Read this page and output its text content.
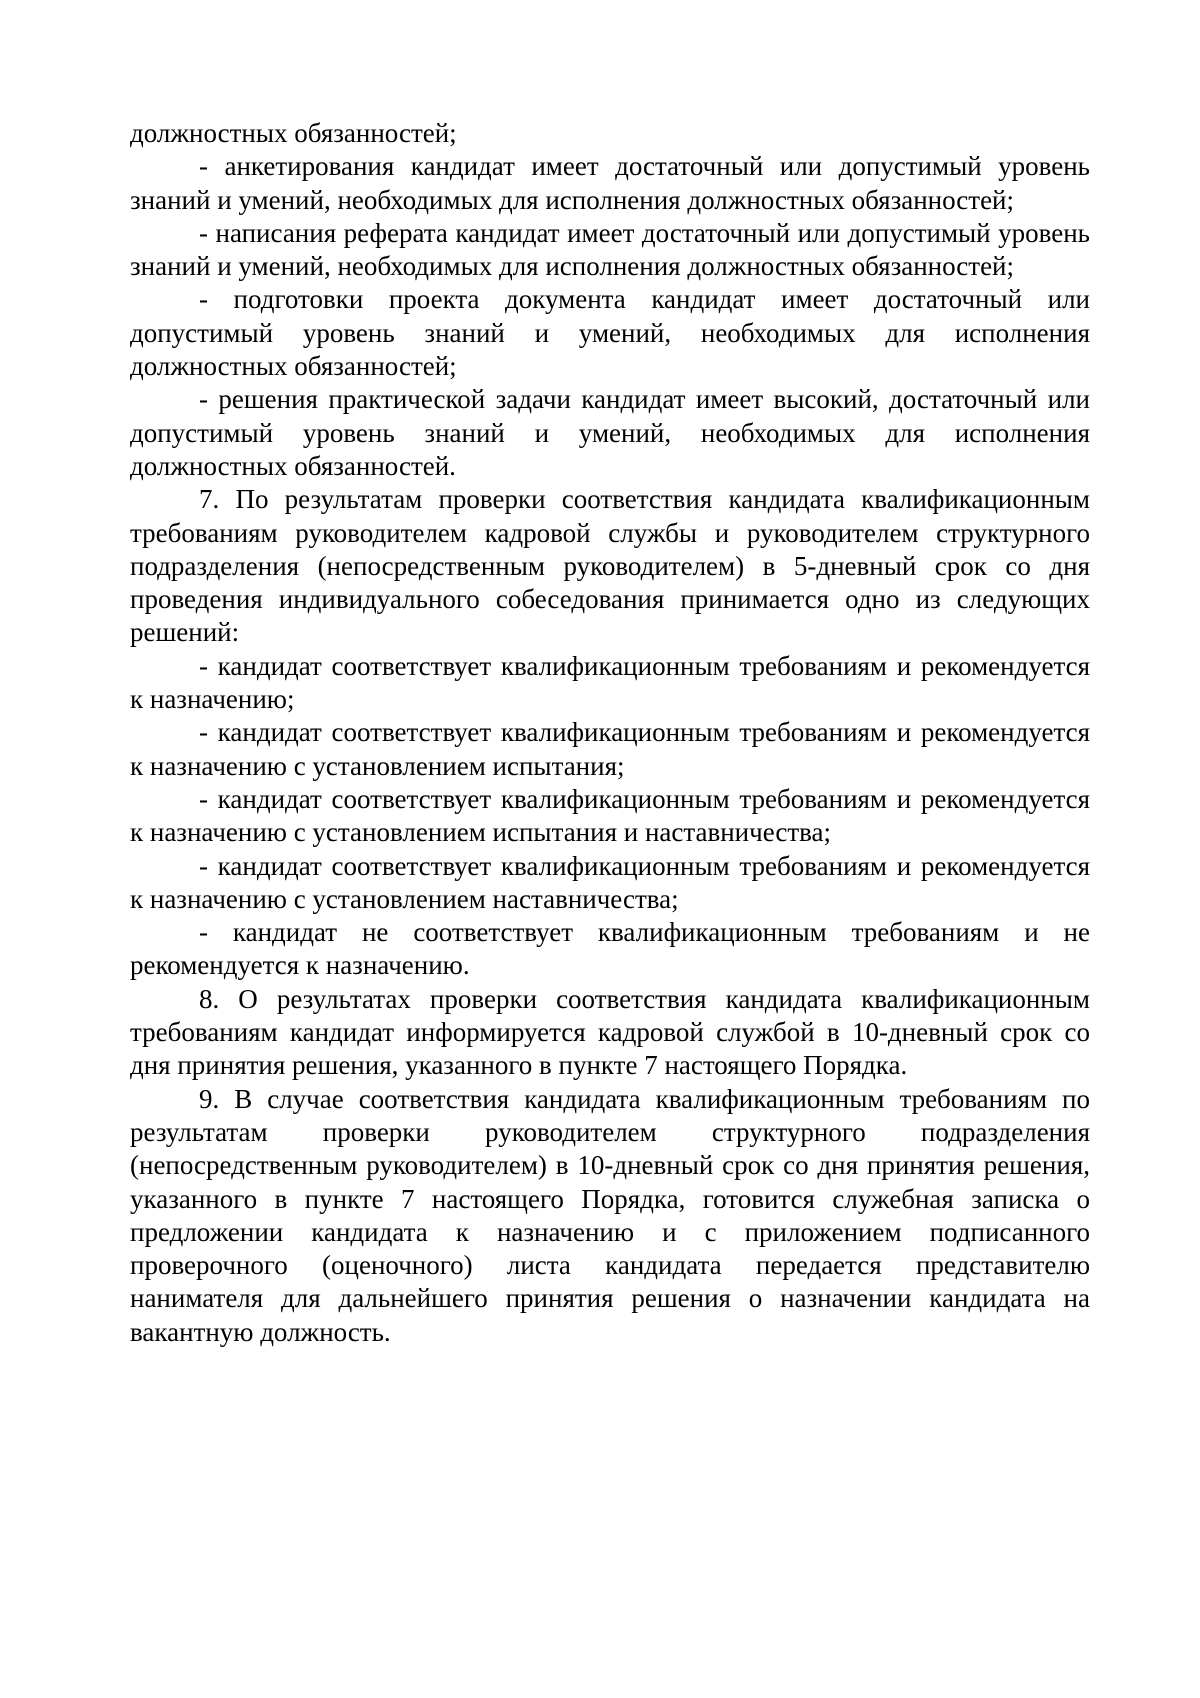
должностных обязанностей;

- анкетирования кандидат имеет достаточный или допустимый уровень знаний и умений, необходимых для исполнения должностных обязанностей;

- написания реферата кандидат имеет достаточный или допустимый уровень знаний и умений, необходимых для исполнения должностных обязанностей;

- подготовки проекта документа кандидат имеет достаточный или допустимый уровень знаний и умений, необходимых для исполнения должностных обязанностей;

- решения практической задачи кандидат имеет высокий, достаточный или допустимый уровень знаний и умений, необходимых для исполнения должностных обязанностей.

7. По результатам проверки соответствия кандидата квалификационным требованиям руководителем кадровой службы и руководителем структурного подразделения (непосредственным руководителем) в 5-дневный срок со дня проведения индивидуального собеседования принимается одно из следующих решений:

- кандидат соответствует квалификационным требованиям и рекомендуется к назначению;

- кандидат соответствует квалификационным требованиям и рекомендуется к назначению с установлением испытания;

- кандидат соответствует квалификационным требованиям и рекомендуется к назначению с установлением испытания и наставничества;

- кандидат соответствует квалификационным требованиям и рекомендуется к назначению с установлением наставничества;

- кандидат не соответствует квалификационным требованиям и не рекомендуется к назначению.

8. О результатах проверки соответствия кандидата квалификационным требованиям кандидат информируется кадровой службой в 10-дневный срок со дня принятия решения, указанного в пункте 7 настоящего Порядка.

9. В случае соответствия кандидата квалификационным требованиям по результатам проверки руководителем структурного подразделения (непосредственным руководителем) в 10-дневный срок со дня принятия решения, указанного в пункте 7 настоящего Порядка, готовится служебная записка о предложении кандидата к назначению и с приложением подписанного проверочного (оценочного) листа кандидата передается представителю нанимателя для дальнейшего принятия решения о назначении кандидата на вакантную должность.
